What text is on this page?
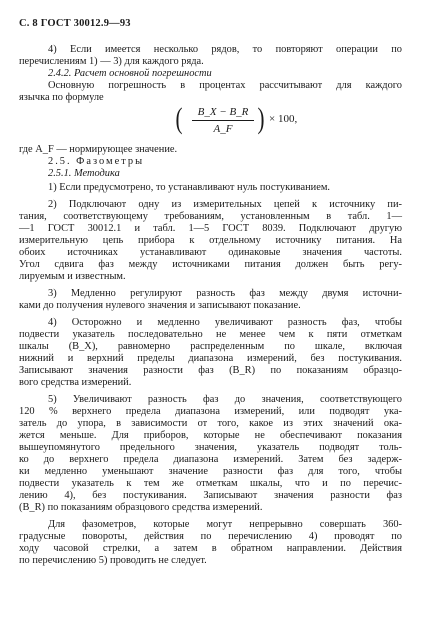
С. 8 ГОСТ 30012.9—93
4) Если имеется несколько рядов, то повторяют операции по
перечислениям 1) — 3) для каждого ряда.
2.4.2. Расчет основной погрешности
Основную погрешность в процентах рассчитывают для каждого
язычка по формуле
(	B_X − B_R
A_F ) × 100,
где A_F — нормирующее значение.
2.5. Фазометры
2.5.1. Методика
1) Если предусмотрено, то устанавливают нуль постукиванием.
2) Подключают одну из измерительных цепей к источнику пи-
тания, соответствующему требованиям, установленным в табл. 1—
—1 ГОСТ 30012.1 и табл. 1—5 ГОСТ 8039. Подключают другую
измерительную цепь прибора к отдельному источнику питания. На
обоих источниках устанавливают одинаковые значения частоты.
Угол сдвига фаз между источниками питания должен быть регу-
лируемым и известным.
3) Медленно регулируют разность фаз между двумя источни-
ками до получения нулевого значения и записывают показание.
4) Осторожно и медленно увеличивают разность фаз, чтобы
подвести указатель последовательно не менее чем к пяти отметкам
шкалы (B_X), равномерно распределенным по шкале, включая
нижний и верхний пределы диапазона измерений, без постукивания.
Записывают значения разности фаз (B_R) по показаниям образцо-
вого средства измерений.
5) Увеличивают разность фаз до значения, соответствующего
120 % верхнего предела диапазона измерений, или подводят ука-
затель до упора, в зависимости от того, какое из этих значений ока-
жется меньше. Для приборов, которые не обеспечивают показания
вышеупомянутого предельного значения, указатель подводят толь-
ко до верхнего предела диапазона измерений. Затем без задерж-
ки медленно уменьшают значение разности фаз для того, чтобы
подвести указатель к тем же отметкам шкалы, что и по перечис-
лению 4), без постукивания. Записывают значения разности фаз
(B_R) по показаниям образцового средства измерений.
Для фазометров, которые могут непрерывно совершать 360-
градусные повороты, действия по перечислению 4) проводят по
ходу часовой стрелки, а затем в обратном направлении. Действия
по перечислению 5) проводить не следует.
